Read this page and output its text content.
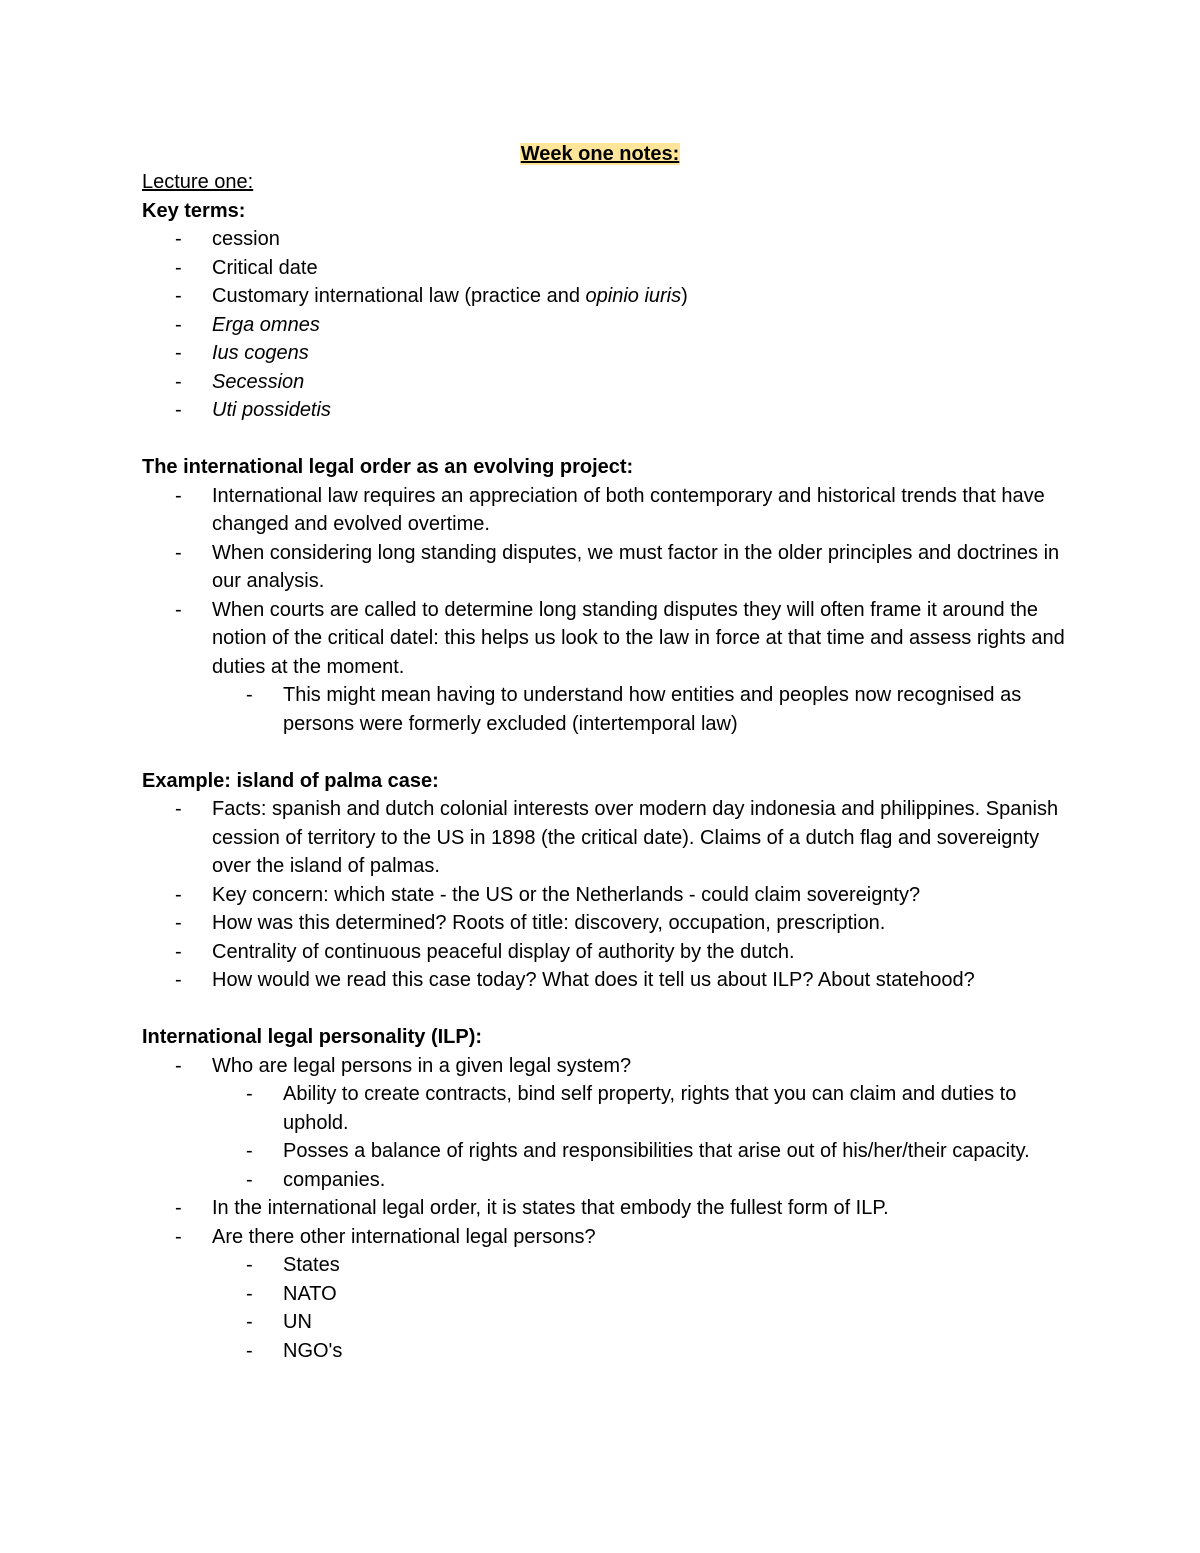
Week one notes:

Lecture one:

Key terms:

- cession
- Critical date
- Customary international law (practice and opinio iuris)
- Erga omnes
- Ius cogens
- Secession
- Uti possidetis

The international legal order as an evolving project:

- International law requires an appreciation of both contemporary and historical trends that have changed and evolved overtime.
- When considering long standing disputes, we must factor in the older principles and doctrines in our analysis.
- When courts are called to determine long standing disputes they will often frame it around the notion of the critical datel: this helps us look to the law in force at that time and assess rights and duties at the moment.
- This might mean having to understand how entities and peoples now recognised as persons were formerly excluded (intertemporal law)

Example: island of palma case:

- Facts: spanish and dutch colonial interests over modern day indonesia and philippines. Spanish cession of territory to the US in 1898 (the critical date). Claims of a dutch flag and sovereignty over the island of palmas.
- Key concern: which state - the US or the Netherlands - could claim sovereignty?
- How was this determined? Roots of title: discovery, occupation, prescription.
- Centrality of continuous peaceful display of authority by the dutch.
- How would we read this case today? What does it tell us about ILP? About statehood?

International legal personality (ILP):

- Who are legal persons in a given legal system?
- Ability to create contracts, bind self property, rights that you can claim and duties to uphold.
- Posses a balance of rights and responsibilities that arise out of his/her/their capacity.
- companies.
- In the international legal order, it is states that embody the fullest form of ILP.
- Are there other international legal persons?
- States
- NATO
- UN
- NGO's
